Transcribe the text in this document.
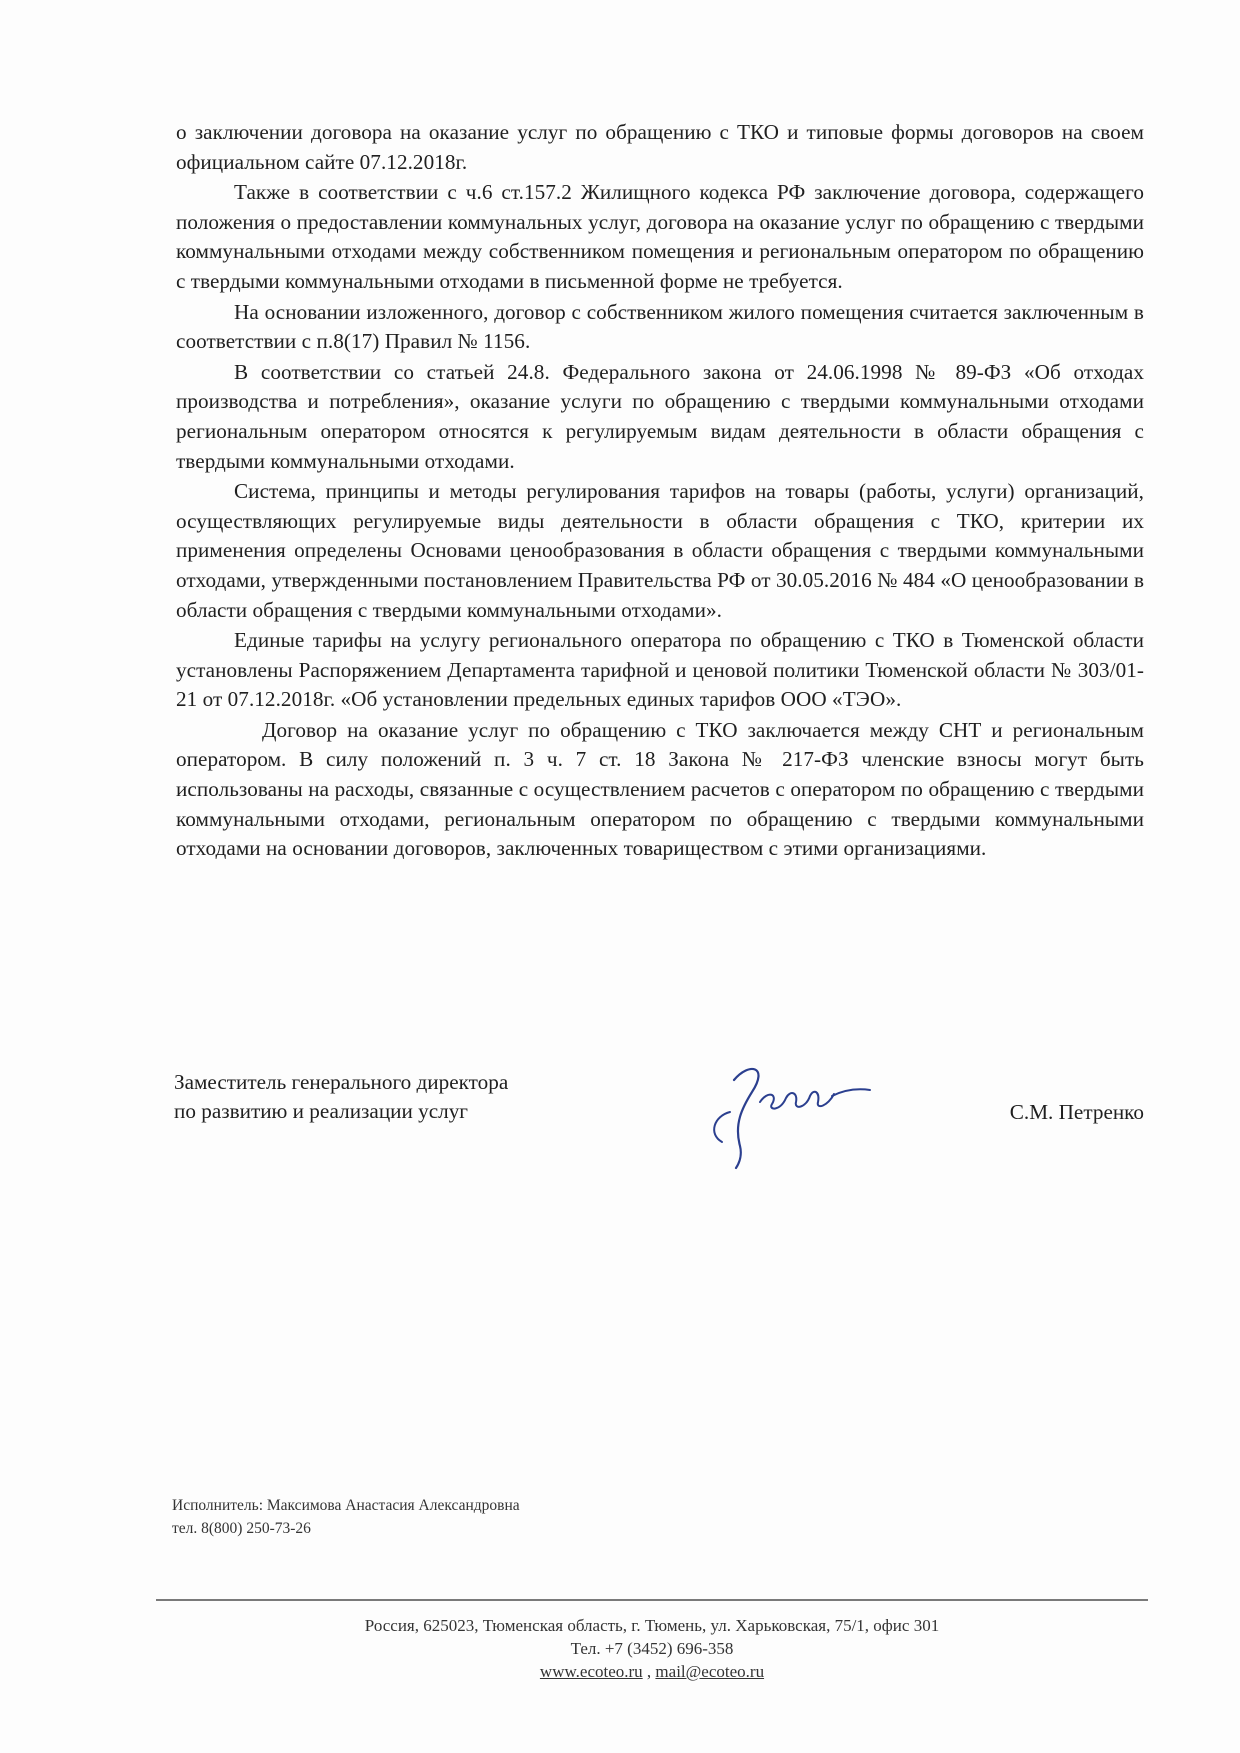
о заключении договора на оказание услуг по обращению с ТКО и типовые формы договоров на своем официальном сайте 07.12.2018г.

Также в соответствии с ч.6 ст.157.2 Жилищного кодекса РФ заключение договора, содержащего положения о предоставлении коммунальных услуг, договора на оказание услуг по обращению с твердыми коммунальными отходами между собственником помещения и региональным оператором по обращению с твердыми коммунальными отходами в письменной форме не требуется.

На основании изложенного, договор с собственником жилого помещения считается заключенным в соответствии с п.8(17) Правил № 1156.

В соответствии со статьей 24.8. Федерального закона от 24.06.1998 № 89-ФЗ «Об отходах производства и потребления», оказание услуги по обращению с твердыми коммунальными отходами региональным оператором относятся к регулируемым видам деятельности в области обращения с твердыми коммунальными отходами.

Система, принципы и методы регулирования тарифов на товары (работы, услуги) организаций, осуществляющих регулируемые виды деятельности в области обращения с ТКО, критерии их применения определены Основами ценообразования в области обращения с твердыми коммунальными отходами, утвержденными постановлением Правительства РФ от 30.05.2016 № 484 «О ценообразовании в области обращения с твердыми коммунальными отходами».

Единые тарифы на услугу регионального оператора по обращению с ТКО в Тюменской области установлены Распоряжением Департамента тарифной и ценовой политики Тюменской области № 303/01-21 от 07.12.2018г. «Об установлении предельных единых тарифов ООО «ТЭО».

Договор на оказание услуг по обращению с ТКО заключается между СНТ и региональным оператором. В силу положений п. 3 ч. 7 ст. 18 Закона № 217-ФЗ членские взносы могут быть использованы на расходы, связанные с осуществлением расчетов с оператором по обращению с твердыми коммунальными отходами, региональным оператором по обращению с твердыми коммунальными отходами на основании договоров, заключенных товариществом с этими организациями.

Заместитель генерального директора
по развитию и реализации услуг	С.М. Петренко
Исполнитель: Максимова Анастасия Александровна
тел. 8(800) 250-73-26
Россия, 625023, Тюменская область, г. Тюмень, ул. Харьковская, 75/1, офис 301
Тел. +7 (3452) 696-358
www.ecoteo.ru , mail@ecoteo.ru
